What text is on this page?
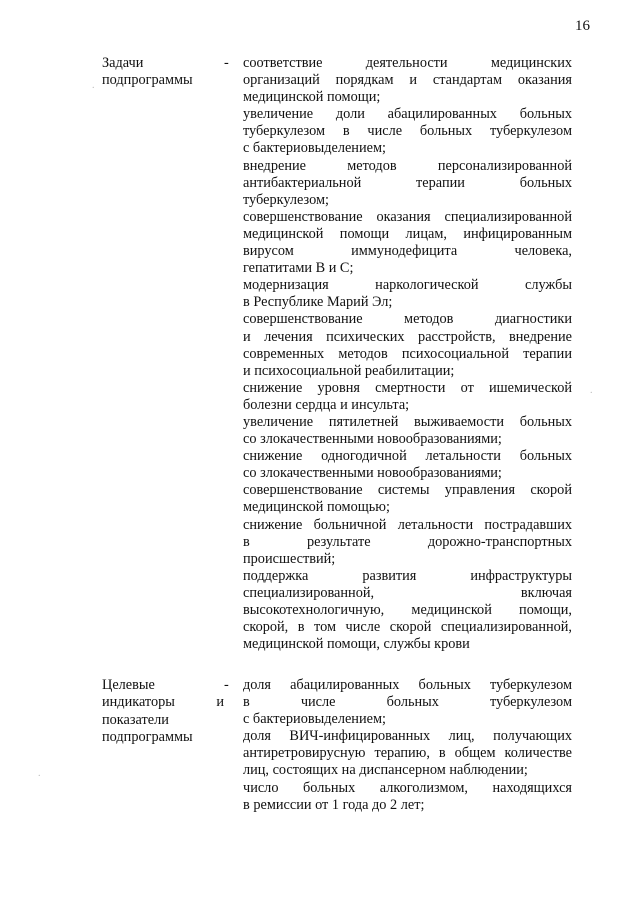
16
Задачи
подпрограммы
- соответствие деятельности медицинских
организаций порядкам и стандартам оказания
медицинской помощи;
увеличение доли абацилированных больных
туберкулезом в числе больных туберкулезом
с бактериовыделением;
внедрение методов персонализированной
антибактериальной терапии больных
туберкулезом;
совершенствование оказания специализированной
медицинской помощи лицам, инфицированным
вирусом иммунодефицита человека,
гепатитами В и С;
модернизация наркологической службы
в Республике Марий Эл;
совершенствование методов диагностики
и лечения психических расстройств, внедрение
современных методов психосоциальной терапии
и психосоциальной реабилитации;
снижение уровня смертности от ишемической
болезни сердца и инсульта;
увеличение пятилетней выживаемости больных
со злокачественными новообразованиями;
снижение одногодичной летальности больных
со злокачественными новообразованиями;
совершенствование системы управления скорой
медицинской помощью;
снижение больничной летальности пострадавших
в результате дорожно-транспортных
происшествий;
поддержка развития инфраструктуры
специализированной, включая
высокотехнологичную, медицинской помощи,
скорой, в том числе скорой специализированной,
медицинской помощи, службы крови
Целевые
индикаторы и
показатели
подпрограммы
- доля абацилированных больных туберкулезом
в числе больных туберкулезом
с бактериовыделением;
доля ВИЧ-инфицированных лиц, получающих
антиретровирусную терапию, в общем количестве
лиц, состоящих на диспансерном наблюдении;
число больных алкоголизмом, находящихся
в ремиссии от 1 года до 2 лет;
.
.
.
